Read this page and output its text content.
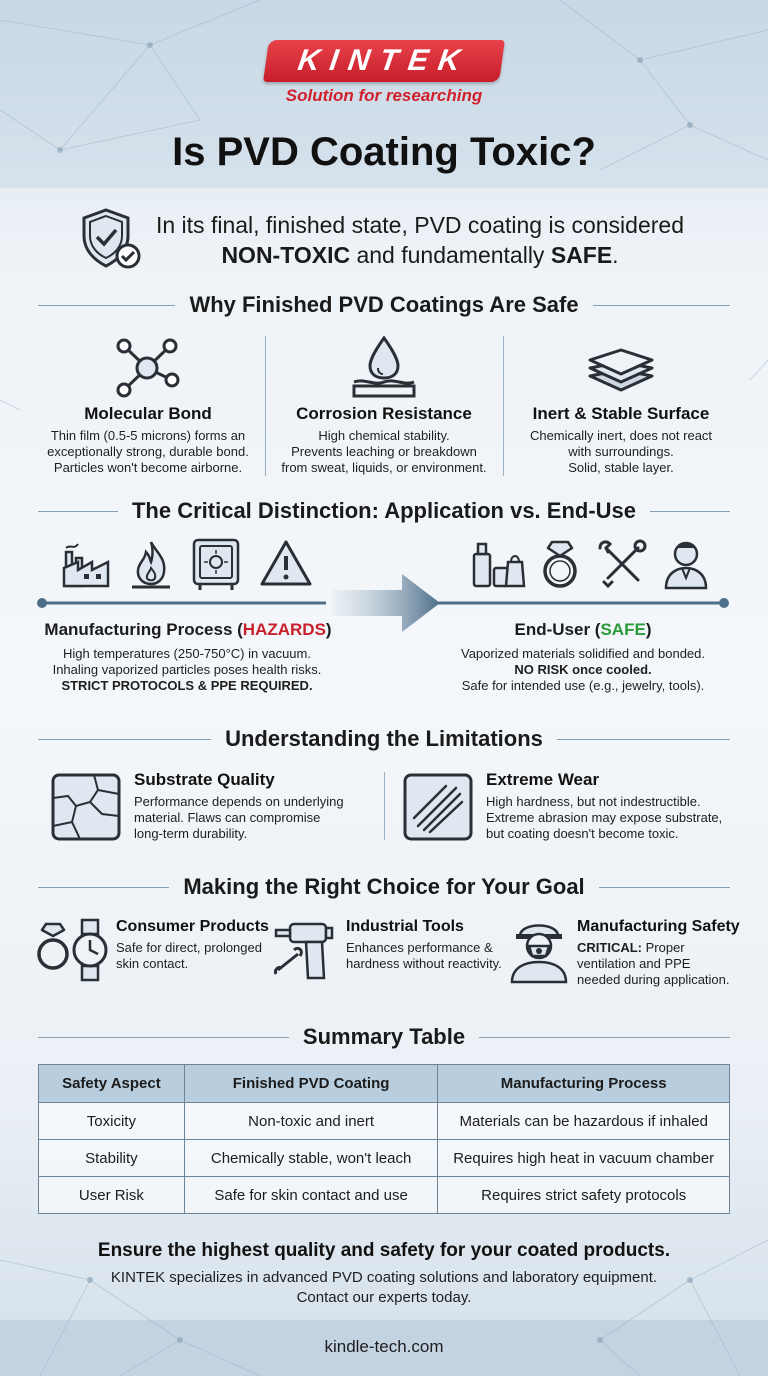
KINTEK
Solution for researching
Is PVD Coating Toxic?
In its final, finished state, PVD coating is considered
NON-TOXIC and fundamentally SAFE.
Why Finished PVD Coatings Are Safe
Molecular Bond
Thin film (0.5-5 microns) forms an
exceptionally strong, durable bond.
Particles won't become airborne.
Corrosion Resistance
High chemical stability.
Prevents leaching or breakdown
from sweat, liquids, or environment.
Inert & Stable Surface
Chemically inert, does not react
with surroundings.
Solid, stable layer.
The Critical Distinction: Application vs. End-Use
Manufacturing Process (HAZARDS)
High temperatures (250-750°C) in vacuum.
Inhaling vaporized particles poses health risks.
STRICT PROTOCOLS & PPE REQUIRED.
End-User (SAFE)
Vaporized materials solidified and bonded.
NO RISK once cooled.
Safe for intended use (e.g., jewelry, tools).
Understanding the Limitations
Substrate Quality
Performance depends on underlying
material. Flaws can compromise
long-term durability.
Extreme Wear
High hardness, but not indestructible.
Extreme abrasion may expose substrate,
but coating doesn't become toxic.
Making the Right Choice for Your Goal
Consumer Products
Safe for direct, prolonged
skin contact.
Industrial Tools
Enhances performance &
hardness without reactivity.
Manufacturing Safety
CRITICAL: Proper
ventilation and PPE
needed during application.
Summary Table
Safety Aspect	Finished PVD Coating	Manufacturing Process
Toxicity	Non-toxic and inert	Materials can be hazardous if inhaled
Stability	Chemically stable, won't leach	Requires high heat in vacuum chamber
User Risk	Safe for skin contact and use	Requires strict safety protocols
Ensure the highest quality and safety for your coated products.
KINTEK specializes in advanced PVD coating solutions and laboratory equipment.
Contact our experts today.
kindle-tech.com
